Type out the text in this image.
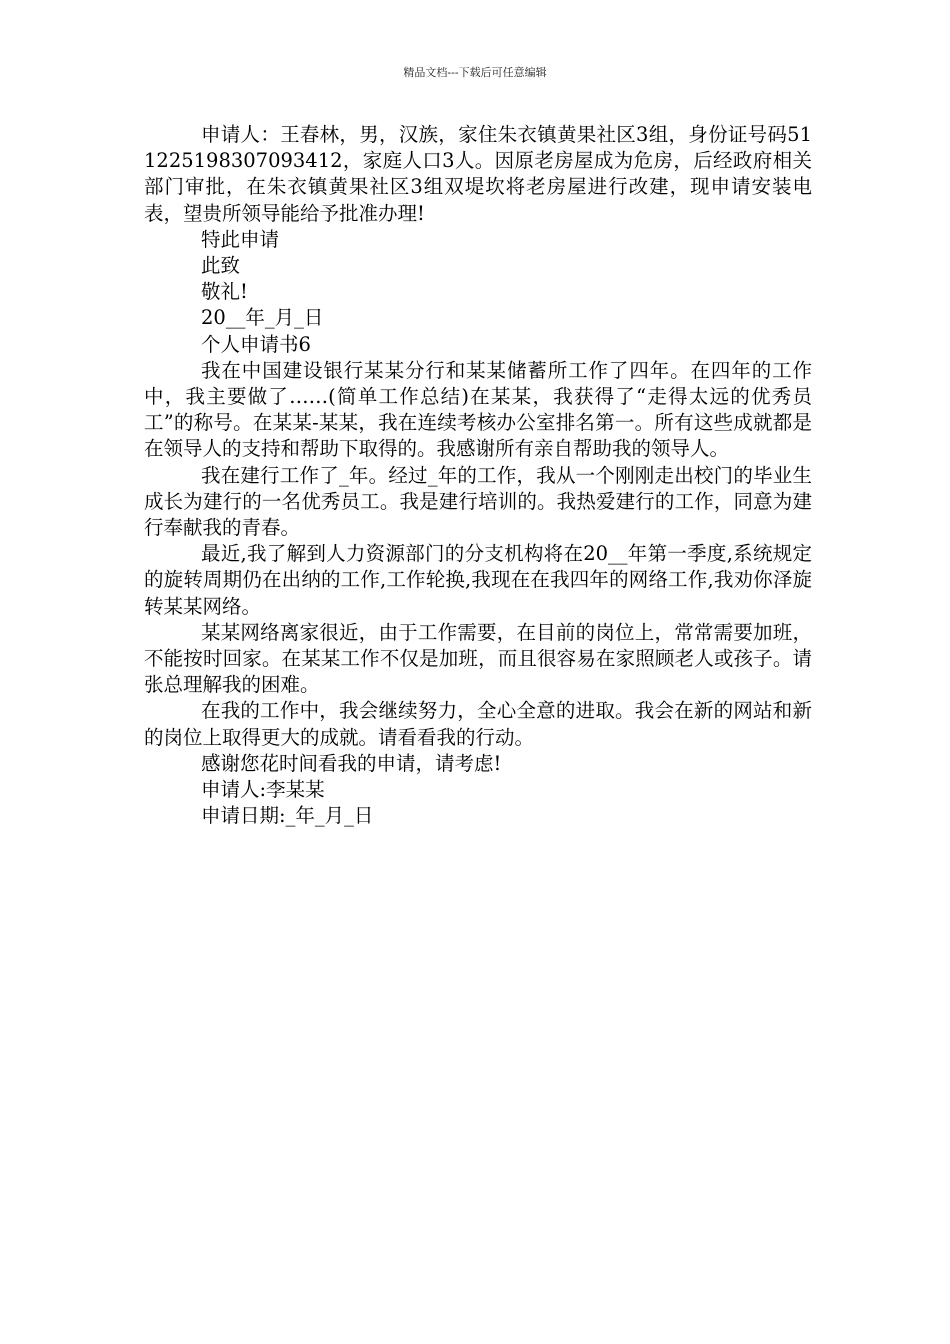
精品文档---下载后可任意编辑

申请人：王春林，男，汉族，家住朱衣镇黄果社区3组，身份证号码511225198307093412，家庭人口3人。因原老房屋成为危房，后经政府相关部门审批，在朱衣镇黄果社区3组双堤坎将老房屋进行改建，现申请安装电表，望贵所领导能给予批准办理!

特此申请

此致

敬礼!

20__年_月_日

个人申请书6

我在中国建设银行某某分行和某某储蓄所工作了四年。在四年的工作中，我主要做了……(简单工作总结)在某某，我获得了“走得太远的优秀员工”的称号。在某某-某某，我在连续考核办公室排名第一。所有这些成就都是在领导人的支持和帮助下取得的。我感谢所有亲自帮助我的领导人。

我在建行工作了_年。经过_年的工作，我从一个刚刚走出校门的毕业生成长为建行的一名优秀员工。我是建行培训的。我热爱建行的工作，同意为建行奉献我的青春。

最近,我了解到人力资源部门的分支机构将在20__年第一季度,系统规定的旋转周期仍在出纳的工作,工作轮换,我现在在我四年的网络工作,我劝你泽旋转某某网络。

某某网络离家很近，由于工作需要，在目前的岗位上，常常需要加班，不能按时回家。在某某工作不仅是加班，而且很容易在家照顾老人或孩子。请张总理解我的困难。

在我的工作中，我会继续努力，全心全意的进取。我会在新的网站和新的岗位上取得更大的成就。请看看我的行动。

感谢您花时间看我的申请，请考虑!

申请人:李某某

申请日期:_年_月_日
